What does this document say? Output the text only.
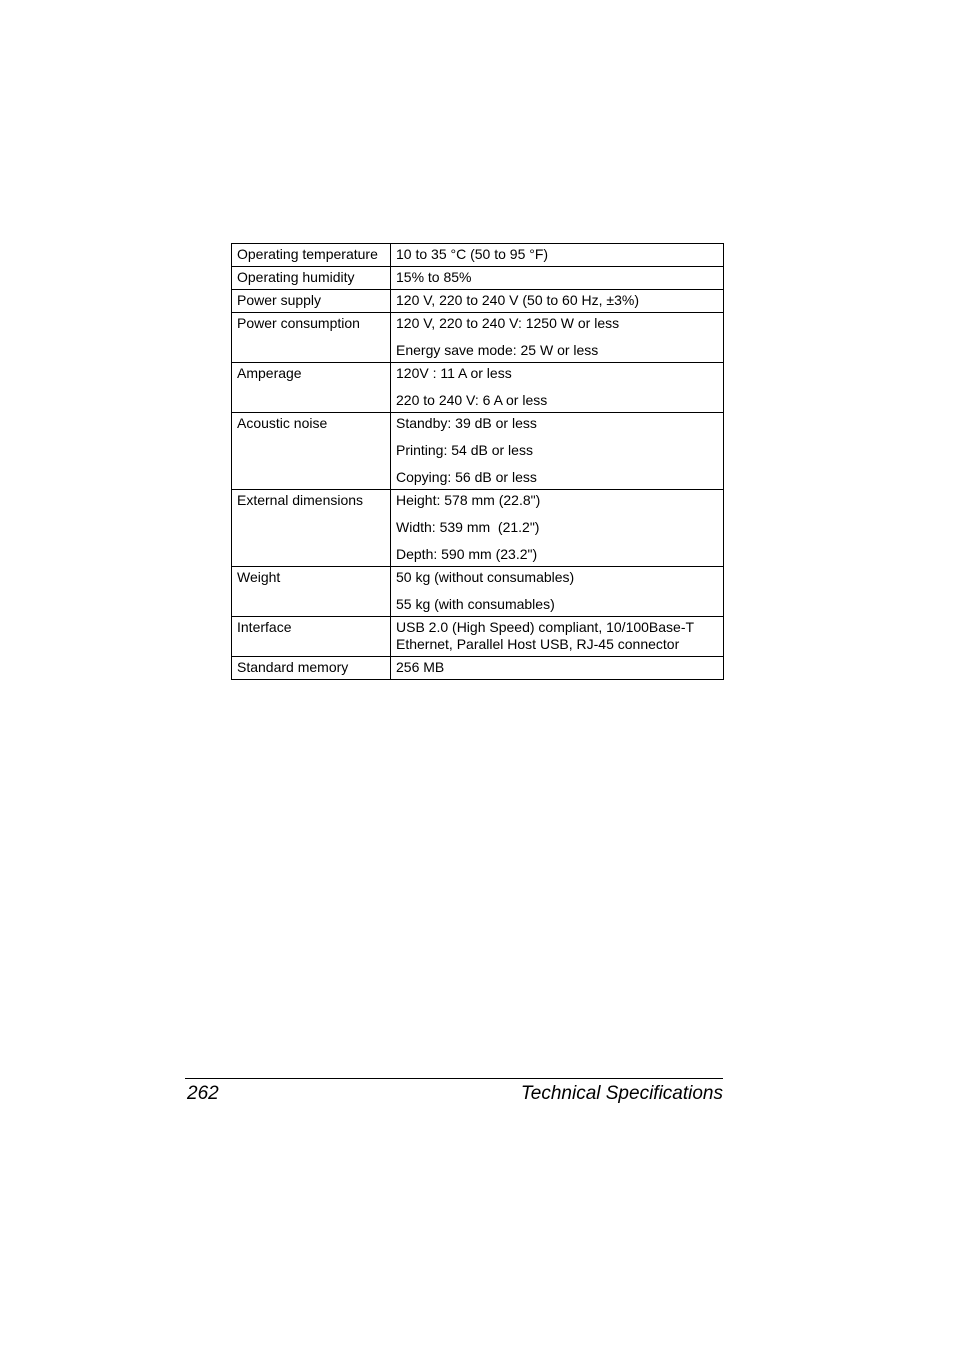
Operating temperature	10 to 35 °C (50 to 95 °F)

Operating humidity	15% to 85%

Power supply	120 V, 220 to 240 V (50 to 60 Hz, ±3%)

Power consumption	120 V, 220 to 240 V: 1250 W or less
Energy save mode: 25 W or less

Amperage	120V : 11 A or less
220 to 240 V: 6 A or less

Acoustic noise	Standby: 39 dB or less
Printing: 54 dB or less
Copying: 56 dB or less

External dimensions	Height: 578 mm (22.8")
Width: 539 mm  (21.2")
Depth: 590 mm (23.2")

Weight	50 kg (without consumables)
55 kg (with consumables)

Interface	USB 2.0 (High Speed) compliant, 10/100Base-T Ethernet, Parallel Host USB, RJ-45 connector

Standard memory	256 MB
262	Technical Specifications
